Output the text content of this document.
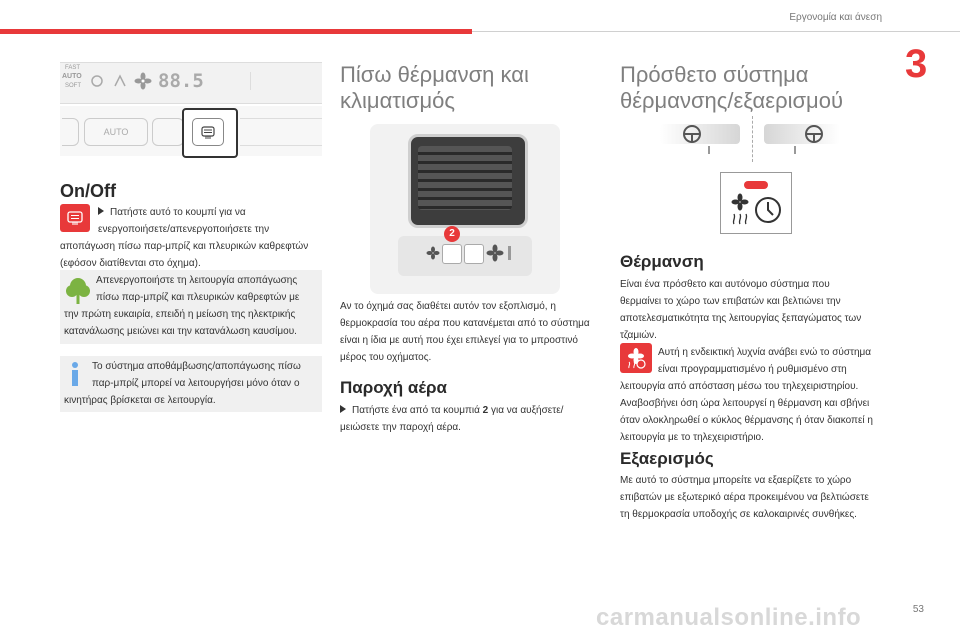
Εργονομία και άνεση
3
FAST
AUTO
SOFT	88.5
AUTO
On/Off
Πατήστε αυτό το κουμπί για να
ενεργοποιήσετε/απενεργοποιήσετε την
αποπάγωση πίσω παρ-μπρίζ και πλευρικών καθρεφτών
(εφόσον διατίθενται στο όχημα).
Απενεργοποιήστε τη λειτουργία αποπάγωσης
πίσω παρ-μπρίζ και πλευρικών καθρεφτών με
την πρώτη ευκαιρία, επειδή η μείωση της ηλεκτρικής
κατανάλωσης μειώνει και την κατανάλωση καυσίμου.
Το σύστημα αποθάμβωσης/αποπάγωσης πίσω
παρ-μπρίζ μπορεί να λειτουργήσει μόνο όταν ο
κινητήρας βρίσκεται σε λειτουργία.
Πίσω θέρμανση και
κλιματισμός
2
Αν το όχημά σας διαθέτει αυτόν τον εξοπλισμό, η
θερμοκρασία του αέρα που κατανέμεται από το σύστημα
είναι η ίδια με αυτή που έχει επιλεγεί για το μπροστινό
μέρος του οχήματος.
Παροχή αέρα
Πατήστε ένα από τα κουμπιά 2 για να αυξήσετε/
μειώσετε την παροχή αέρα.
Πρόσθετο σύστημα
θέρμανσης/εξαερισμού
Θέρμανση
Είναι ένα πρόσθετο και αυτόνομο σύστημα που
θερμαίνει το χώρο των επιβατών και βελτιώνει την
αποτελεσματικότητα της λειτουργίας ξεπαγώματος των
τζαμιών.
Αυτή η ενδεικτική λυχνία ανάβει ενώ το σύστημα
είναι προγραμματισμένο ή ρυθμισμένο στη
λειτουργία από απόσταση μέσω του τηλεχειριστηρίου.
Αναβοσβήνει όση ώρα λειτουργεί η θέρμανση και σβήνει
όταν ολοκληρωθεί ο κύκλος θέρμανσης ή όταν διακοπεί η
λειτουργία με το τηλεχειριστήριο.
Εξαερισμός
Με αυτό το σύστημα μπορείτε να εξαερίζετε το χώρο
επιβατών με εξωτερικό αέρα προκειμένου να βελτιώσετε
τη θερμοκρασία υποδοχής σε καλοκαιρινές συνθήκες.
carmanualsonline.info	53
